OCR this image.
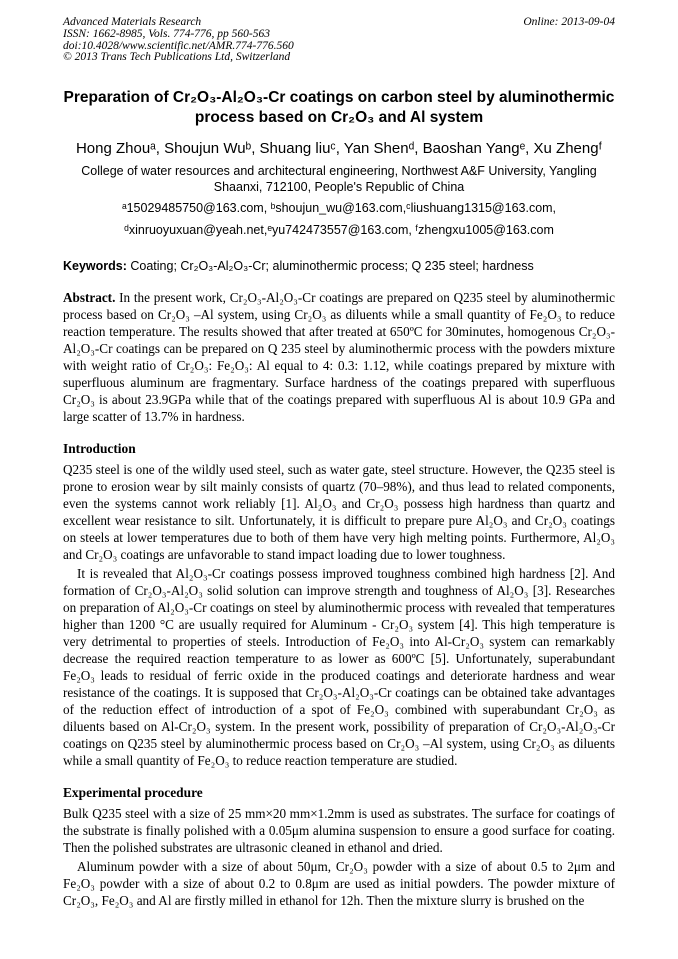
Advanced Materials Research
ISSN: 1662-8985, Vols. 774-776, pp 560-563
doi:10.4028/www.scientific.net/AMR.774-776.560
© 2013 Trans Tech Publications Ltd, Switzerland
Online: 2013-09-04
Preparation of Cr₂O₃-Al₂O₃-Cr coatings on carbon steel by aluminothermic process based on Cr₂O₃ and Al system
Hong Zhouᵃ, Shoujun Wuᵇ, Shuang liuᶜ, Yan Shenᵈ, Baoshan Yangᵉ, Xu Zhengᶠ
College of water resources and architectural engineering, Northwest A&F University, Yangling Shaanxi, 712100, People's Republic of China
ᵃ15029485750@163.com, ᵇshoujun_wu@163.com,ᶜliushuang1315@163.com,
ᵈxinruoyuxuan@yeah.net,ᵉyu742473557@163.com, ᶠzhengxu1005@163.com
Keywords: Coating; Cr₂O₃-Al₂O₃-Cr; aluminothermic process; Q 235 steel; hardness

Abstract. In the present work, Cr₂O₃-Al₂O₃-Cr coatings are prepared on Q235 steel by aluminothermic process based on Cr₂O₃ –Al system, using Cr₂O₃ as diluents while a small quantity of Fe₂O₃ to reduce reaction temperature. The results showed that after treated at 650ºC for 30minutes, homogenous Cr₂O₃-Al₂O₃-Cr coatings can be prepared on Q 235 steel by aluminothermic process with the powders mixture with weight ratio of Cr₂O₃: Fe₂O₃: Al equal to 4: 0.3: 1.12, while coatings prepared by mixture with superfluous aluminum are fragmentary. Surface hardness of the coatings prepared with superfluous Cr₂O₃ is about 23.9GPa while that of the coatings prepared with superfluous Al is about 10.9 GPa and large scatter of 13.7% in hardness.

Introduction

Q235 steel is one of the wildly used steel, such as water gate, steel structure. However, the Q235 steel is prone to erosion wear by silt mainly consists of quartz (70–98%), and thus lead to related components, even the systems cannot work reliably [1]. Al₂O₃ and Cr₂O₃ possess high hardness than quartz and excellent wear resistance to silt. Unfortunately, it is difficult to prepare pure Al₂O₃ and Cr₂O₃ coatings on steels at lower temperatures due to both of them have very high melting points. Furthermore, Al₂O₃ and Cr₂O₃ coatings are unfavorable to stand impact loading due to lower toughness.

It is revealed that Al₂O₃-Cr coatings possess improved toughness combined high hardness [2]. And formation of Cr₂O₃-Al₂O₃ solid solution can improve strength and toughness of Al₂O₃ [3]. Researches on preparation of Al₂O₃-Cr coatings on steel by aluminothermic process with revealed that temperatures higher than 1200 °C are usually required for Aluminum - Cr₂O₃ system [4]. This high temperature is very detrimental to properties of steels. Introduction of Fe₂O₃ into Al-Cr₂O₃ system can remarkably decrease the required reaction temperature to as lower as 600ºC [5]. Unfortunately, superabundant Fe₂O₃ leads to residual of ferric oxide in the produced coatings and deteriorate hardness and wear resistance of the coatings. It is supposed that Cr₂O₃-Al₂O₃-Cr coatings can be obtained take advantages of the reduction effect of introduction of a spot of Fe₂O₃ combined with superabundant Cr₂O₃ as diluents based on Al-Cr₂O₃ system. In the present work, possibility of preparation of Cr₂O₃-Al₂O₃-Cr coatings on Q235 steel by aluminothermic process based on Cr₂O₃ –Al system, using Cr₂O₃ as diluents while a small quantity of Fe₂O₃ to reduce reaction temperature are studied.

Experimental procedure

Bulk Q235 steel with a size of 25 mm×20 mm×1.2mm is used as substrates. The surface for coatings of the substrate is finally polished with a 0.05μm alumina suspension to ensure a good surface for coating. Then the polished substrates are ultrasonic cleaned in ethanol and dried.

Aluminum powder with a size of about 50μm, Cr₂O₃ powder with a size of about 0.5 to 2μm and Fe₂O₃ powder with a size of about 0.2 to 0.8μm are used as initial powders. The powder mixture of Cr₂O₃, Fe₂O₃ and Al are firstly milled in ethanol for 12h. Then the mixture slurry is brushed on the
